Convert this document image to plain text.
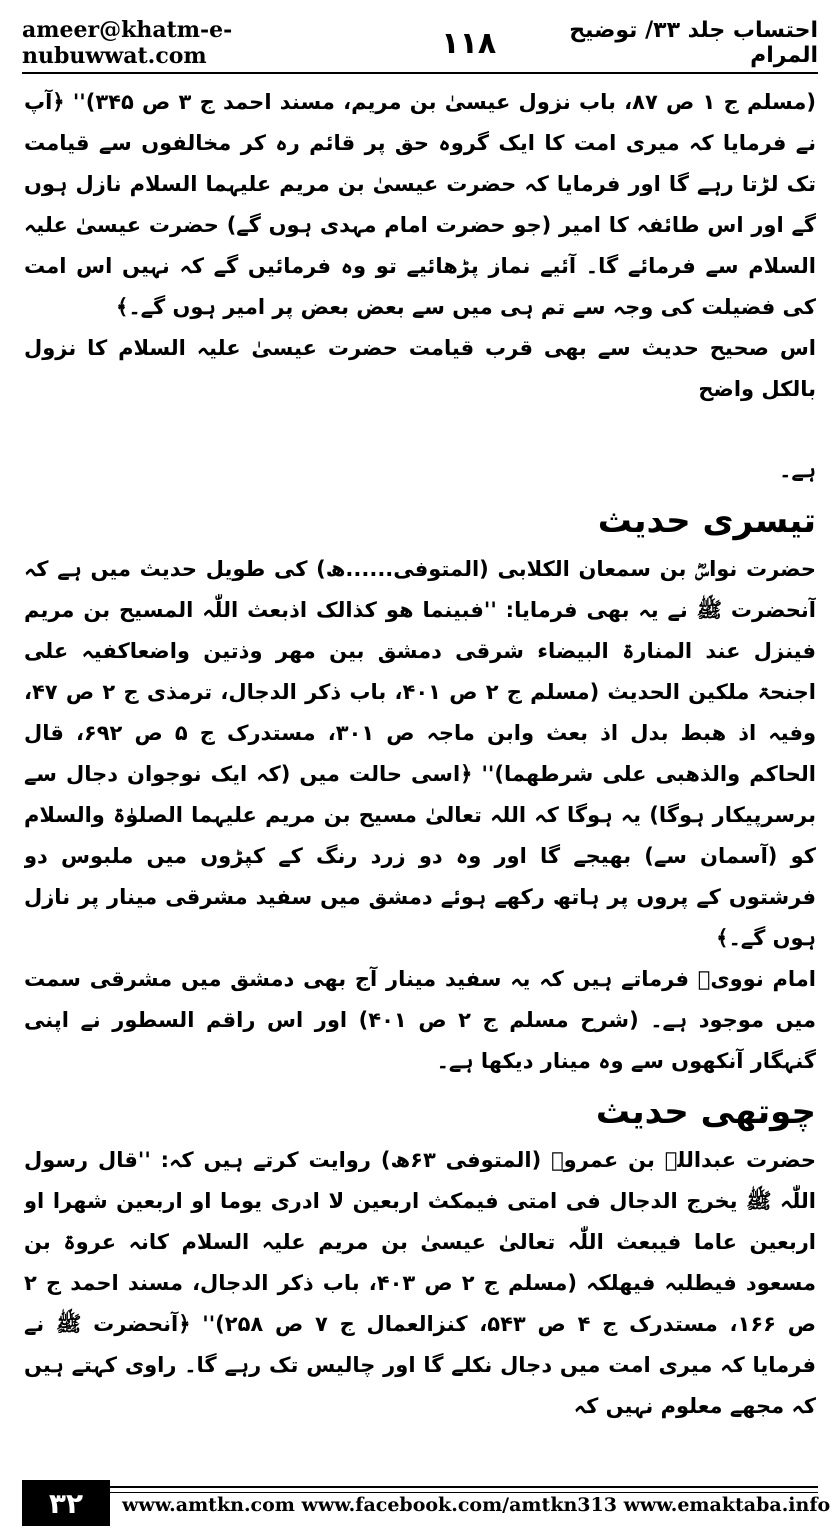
ameer@khatm-e-nubuwwat.com	۱۱۸	احتساب جلد ۳۳/ توضیح المرام

(مسلم ج ۱ ص ۸۷، باب نزول عیسیٰ بن مریم، مسند احمد ج ۳ ص ۳۴۵)'' ﴿آپ نے فرمایا کہ میری امت کا ایک گروہ حق پر قائم رہ کر مخالفوں سے قیامت تک لڑتا رہے گا اور فرمایا کہ حضرت عیسیٰ بن مریم علیہما السلام نازل ہوں گے اور اس طائفہ کا امیر (جو حضرت امام مہدی ہوں گے) حضرت عیسیٰ علیہ السلام سے فرمائے گا۔ آئیے نماز پڑھائیے تو وہ فرمائیں گے کہ نہیں اس امت کی فضیلت کی وجہ سے تم ہی میں سے بعض بعض پر امیر ہوں گے۔﴾

اس صحیح حدیث سے بھی قرب قیامت حضرت عیسیٰ علیہ السلام کا نزول بالکل واضح

ہے۔

تیسری حدیث

حضرت نواسؓ بن سمعان الکلابی (المتوفی......ھ) کی طویل حدیث میں ہے کہ آنحضرت ﷺ نے یہ بھی فرمایا: ''فبینما ھو کذالک اذبعث اللّٰہ المسیح بن مریم فینزل عند المنارۃ البیضاء شرقی دمشق بین مھر وذتین واضعاکفیہ علی اجنحۃ ملکین الحدیث (مسلم ج ۲ ص ۴۰۱، باب ذکر الدجال، ترمذی ج ۲ ص ۴۷، وفیہ اذ ھبط بدل اذ بعث وابن ماجہ ص ۳۰۱، مستدرک ج ۵ ص ۶۹۲، قال الحاکم والذھبی علی شرطھما)'' ﴿اسی حالت میں (کہ ایک نوجوان دجال سے برسرپیکار ہوگا) یہ ہوگا کہ اللہ تعالیٰ مسیح بن مریم علیہما الصلوٰۃ والسلام کو (آسمان سے) بھیجے گا اور وہ دو زرد رنگ کے کپڑوں میں ملبوس دو فرشتوں کے پروں پر ہاتھ رکھے ہوئے دمشق میں سفید مشرقی مینار پر نازل ہوں گے۔﴾

امام نوویؒ فرماتے ہیں کہ یہ سفید مینار آج بھی دمشق میں مشرقی سمت میں موجود ہے۔ (شرح مسلم ج ۲ ص ۴۰۱) اور اس راقم السطور نے اپنی گنہگار آنکھوں سے وہ مینار دیکھا ہے۔

چوتھی حدیث

حضرت عبداللہ بن عمروؓ (المتوفی ۶۳ھ) روایت کرتے ہیں کہ: ''قال رسول اللّٰہ ﷺ یخرج الدجال فی امتی فیمکث اربعین لا ادری یوما او اربعین شھرا او اربعین عاما فیبعث اللّٰہ تعالیٰ عیسیٰ بن مریم علیہ السلام کانہ عروۃ بن مسعود فیطلبہ فیھلکہ (مسلم ج ۲ ص ۴۰۳، باب ذکر الدجال، مسند احمد ج ۲ ص ۱۶۶، مستدرک ج ۴ ص ۵۴۳، کنزالعمال ج ۷ ص ۲۵۸)'' ﴿آنحضرت ﷺ نے فرمایا کہ میری امت میں دجال نکلے گا اور چالیس تک رہے گا۔ راوی کہتے ہیں کہ مجھے معلوم نہیں کہ

۳۲	www.amtkn.com www.facebook.com/amtkn313 www.emaktaba.info
